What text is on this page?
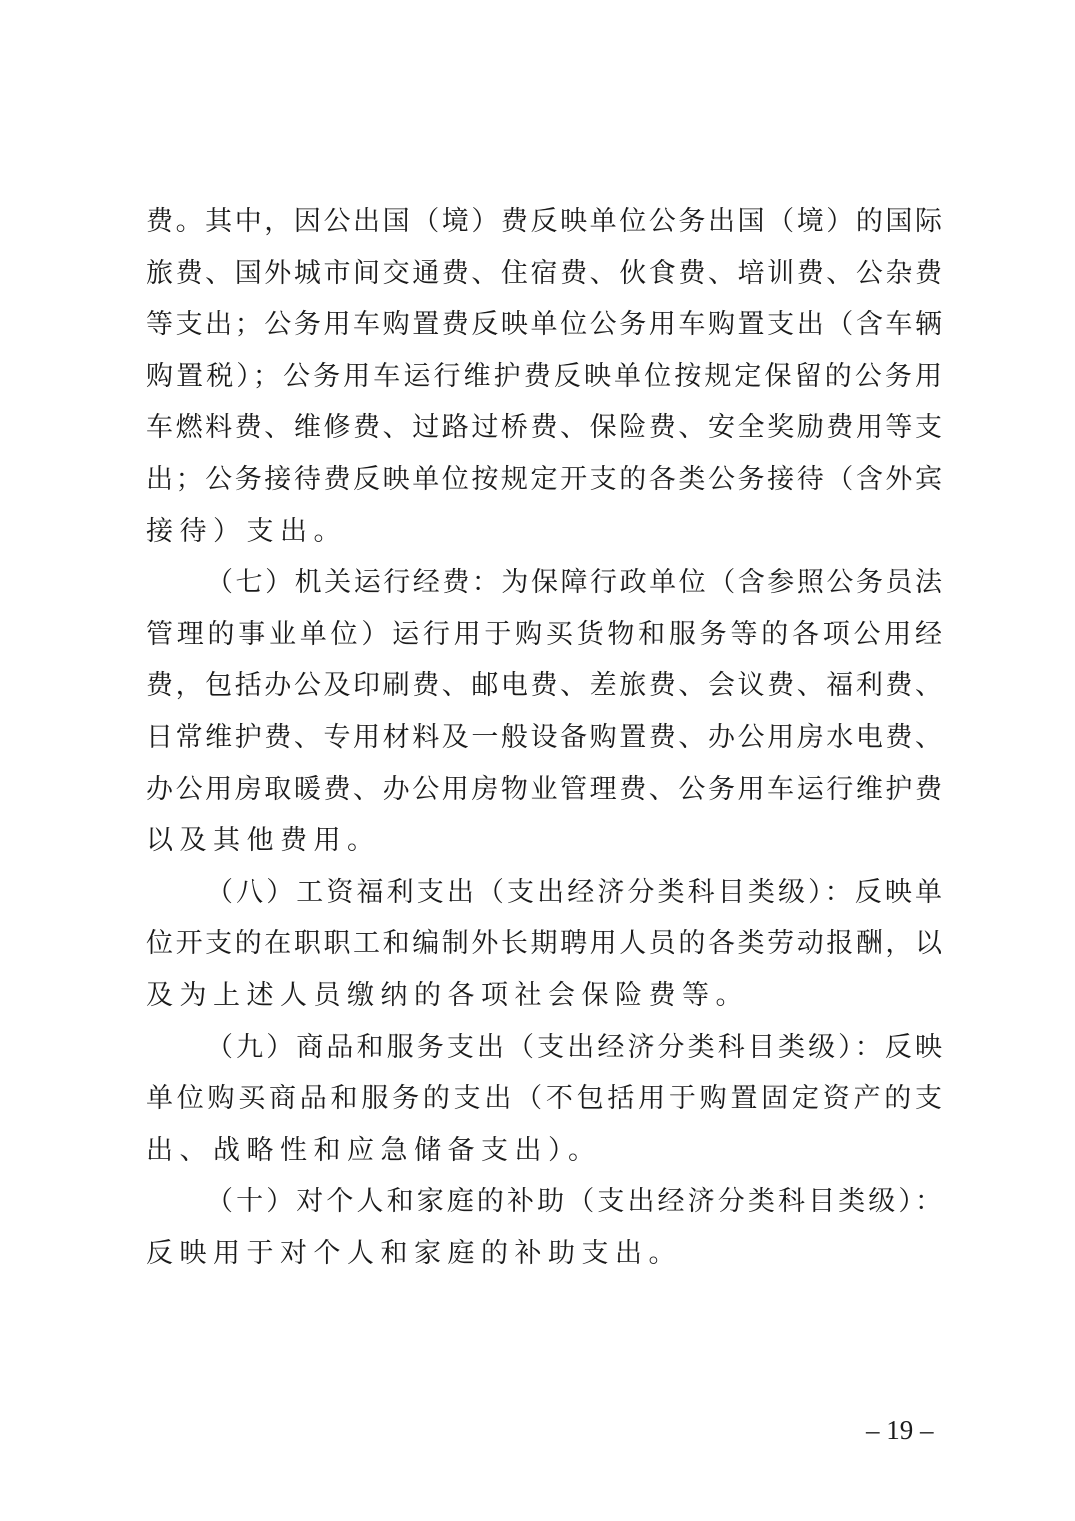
费。其中，因公出国（境）费反映单位公务出国（境）的国际
旅费、国外城市间交通费、住宿费、伙食费、培训费、公杂费
等支出；公务用车购置费反映单位公务用车购置支出（含车辆
购置税）；公务用车运行维护费反映单位按规定保留的公务用
车燃料费、维修费、过路过桥费、保险费、安全奖励费用等支
出；公务接待费反映单位按规定开支的各类公务接待（含外宾
接待）支出。
（七）机关运行经费：为保障行政单位（含参照公务员法
管理的事业单位）运行用于购买货物和服务等的各项公用经
费，包括办公及印刷费、邮电费、差旅费、会议费、福利费、
日常维护费、专用材料及一般设备购置费、办公用房水电费、
办公用房取暖费、办公用房物业管理费、公务用车运行维护费
以及其他费用。
（八）工资福利支出（支出经济分类科目类级）：反映单
位开支的在职职工和编制外长期聘用人员的各类劳动报酬，以
及为上述人员缴纳的各项社会保险费等。
（九）商品和服务支出（支出经济分类科目类级）：反映
单位购买商品和服务的支出（不包括用于购置固定资产的支
出、战略性和应急储备支出）。
（十）对个人和家庭的补助（支出经济分类科目类级）：
反映用于对个人和家庭的补助支出。
– 19 –
